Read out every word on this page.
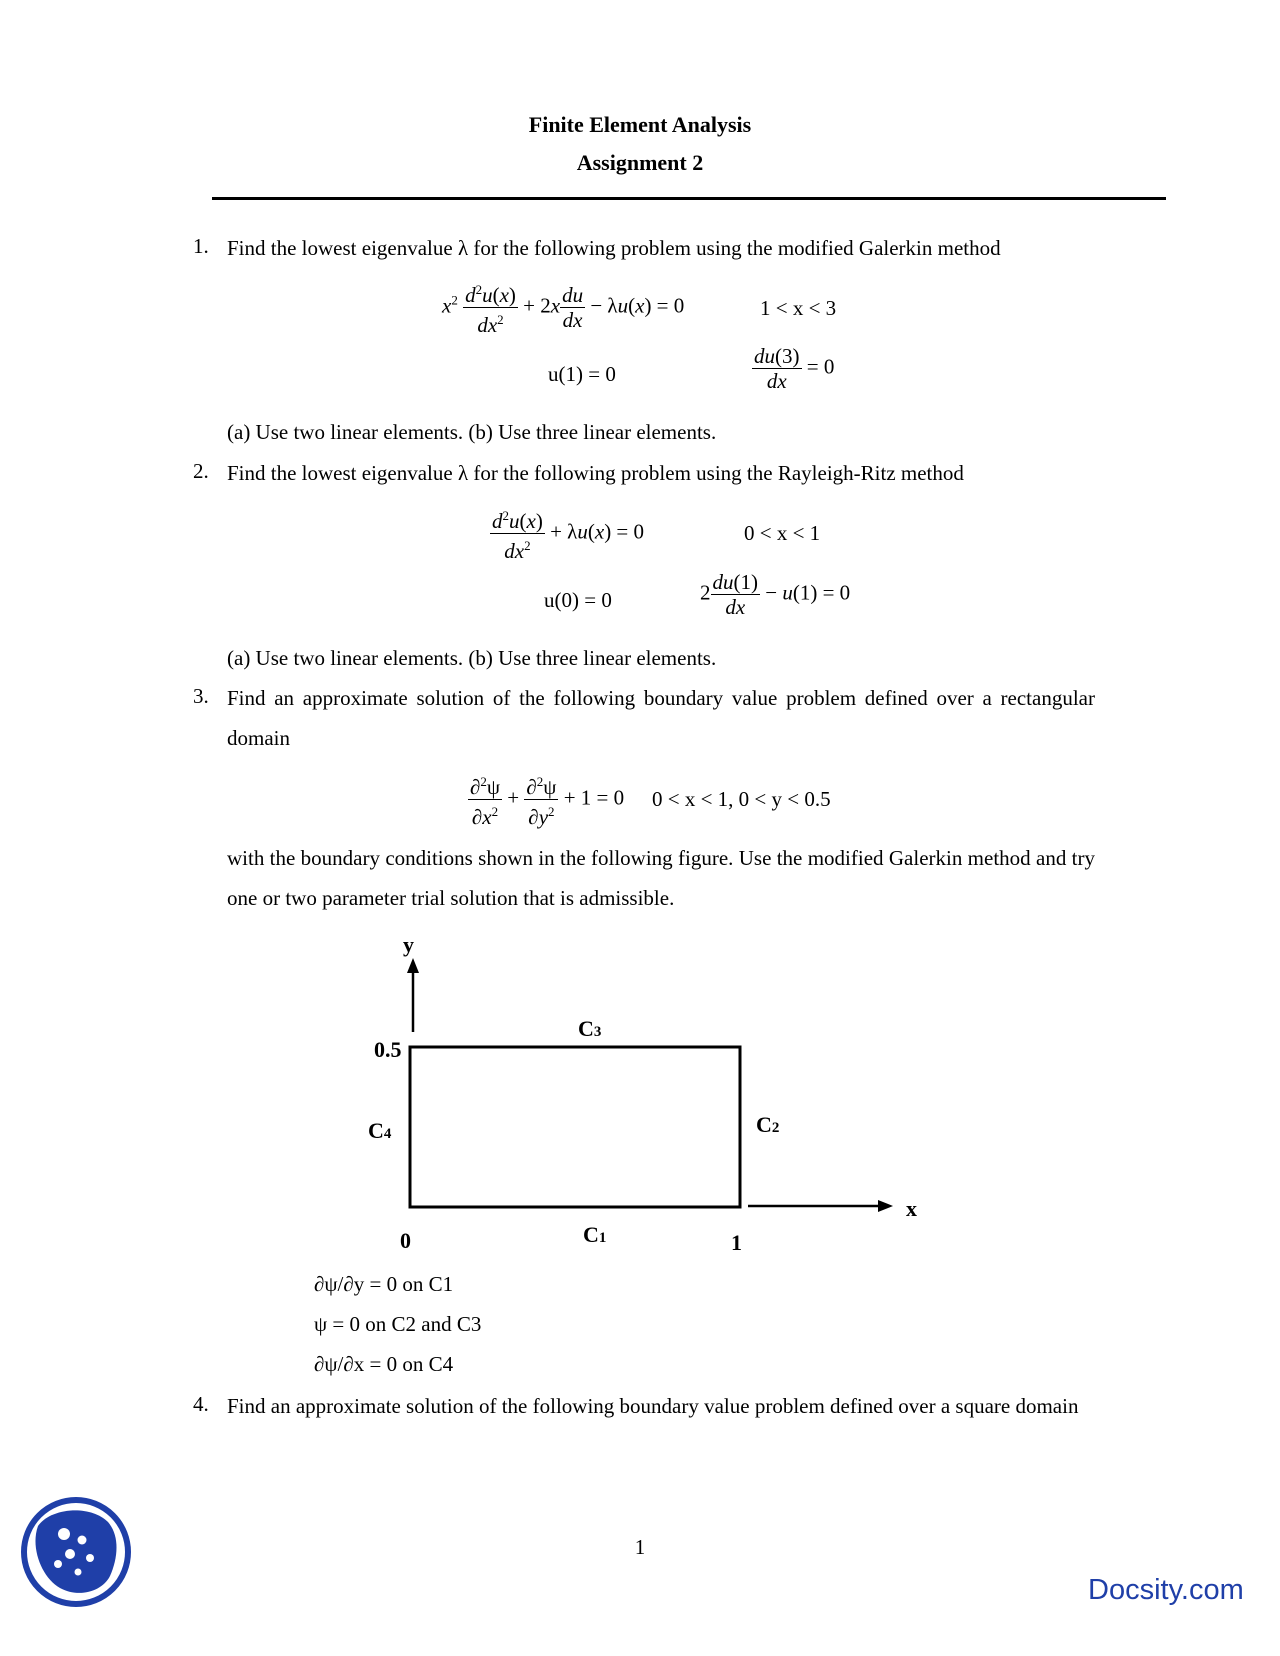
Finite Element Analysis
Assignment 2
1. Find the lowest eigenvalue λ for the following problem using the modified Galerkin method
$x^2 \frac{d^2u(x)}{dx^2} + 2x \frac{du}{dx} - \lambda u(x) = 0$	1 < x < 3
u(1) = 0	$\frac{du(3)}{dx} = 0$
(a) Use two linear elements. (b) Use three linear elements.
2. Find the lowest eigenvalue λ for the following problem using the Rayleigh-Ritz method
$\frac{d^2u(x)}{dx^2} + \lambda u(x) = 0$	0 < x < 1
u(0) = 0	$2 \frac{du(1)}{dx} - u(1) = 0$
(a) Use two linear elements. (b) Use three linear elements.
3. Find an approximate solution of the following boundary value problem defined over a rectangular domain
$\frac{\partial^2\psi}{\partial x^2} + \frac{\partial^2\psi}{\partial y^2} + 1 = 0$ 0 < x < 1, 0 < y < 0.5
with the boundary conditions shown in the following figure. Use the modified Galerkin method and try one or two parameter trial solution that is admissible.
y
x
0.5
0	1
C3
C2
C4
C1
∂ψ/∂y = 0 on C1
ψ = 0 on C2 and C3
∂ψ/∂x = 0 on C4
4. Find an approximate solution of the following boundary value problem defined over a square domain
1
Docsity.com
